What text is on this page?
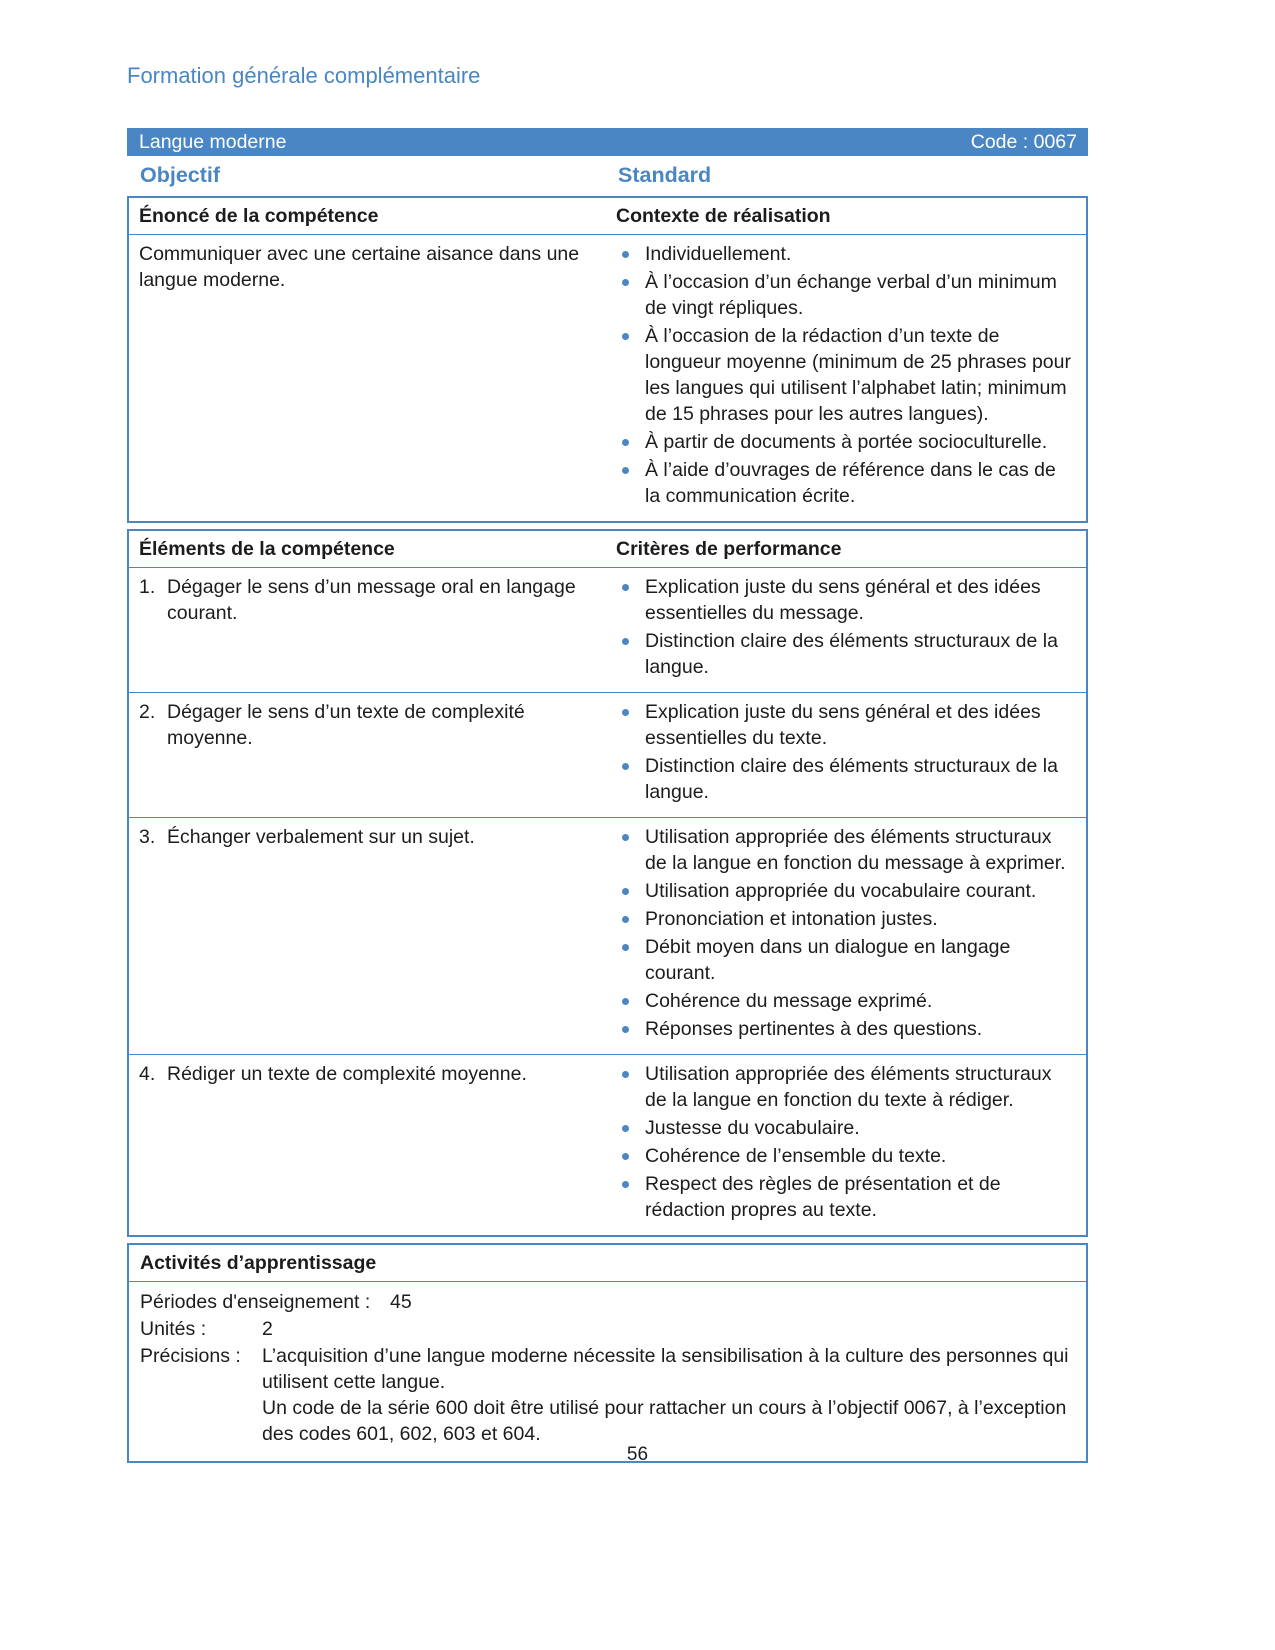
Formation générale complémentaire
Langue moderne	Code : 0067
Objectif	Standard
Énoncé de la compétence	Contexte de réalisation
Communiquer avec une certaine aisance dans une langue moderne.
Individuellement.
À l’occasion d’un échange verbal d’un minimum de vingt répliques.
À l’occasion de la rédaction d’un texte de longueur moyenne (minimum de 25 phrases pour les langues qui utilisent l’alphabet latin; minimum de 15 phrases pour les autres langues).
À partir de documents à portée socioculturelle.
À l’aide d’ouvrages de référence dans le cas de la communication écrite.
Éléments de la compétence	Critères de performance
1. Dégager le sens d’un message oral en langage courant.
Explication juste du sens général et des idées essentielles du message.
Distinction claire des éléments structuraux de la langue.
2. Dégager le sens d’un texte de complexité moyenne.
Explication juste du sens général et des idées essentielles du texte.
Distinction claire des éléments structuraux de la langue.
3. Échanger verbalement sur un sujet.	Utilisation appropriée des éléments structuraux de la langue en fonction du message à exprimer.
Utilisation appropriée du vocabulaire courant.
Prononciation et intonation justes.
Débit moyen dans un dialogue en langage courant.
Cohérence du message exprimé.
Réponses pertinentes à des questions.
4. Rédiger un texte de complexité moyenne.	Utilisation appropriée des éléments structuraux de la langue en fonction du texte à rédiger.
Justesse du vocabulaire.
Cohérence de l’ensemble du texte.
Respect des règles de présentation et de rédaction propres au texte.
Activités d’apprentissage
Périodes d'enseignement :	45
Unités :	2
Précisions :	L’acquisition d’une langue moderne nécessite la sensibilisation à la culture des personnes qui utilisent cette langue.

Un code de la série 600 doit être utilisé pour rattacher un cours à l’objectif 0067, à l’exception des codes 601, 602, 603 et 604.

56
